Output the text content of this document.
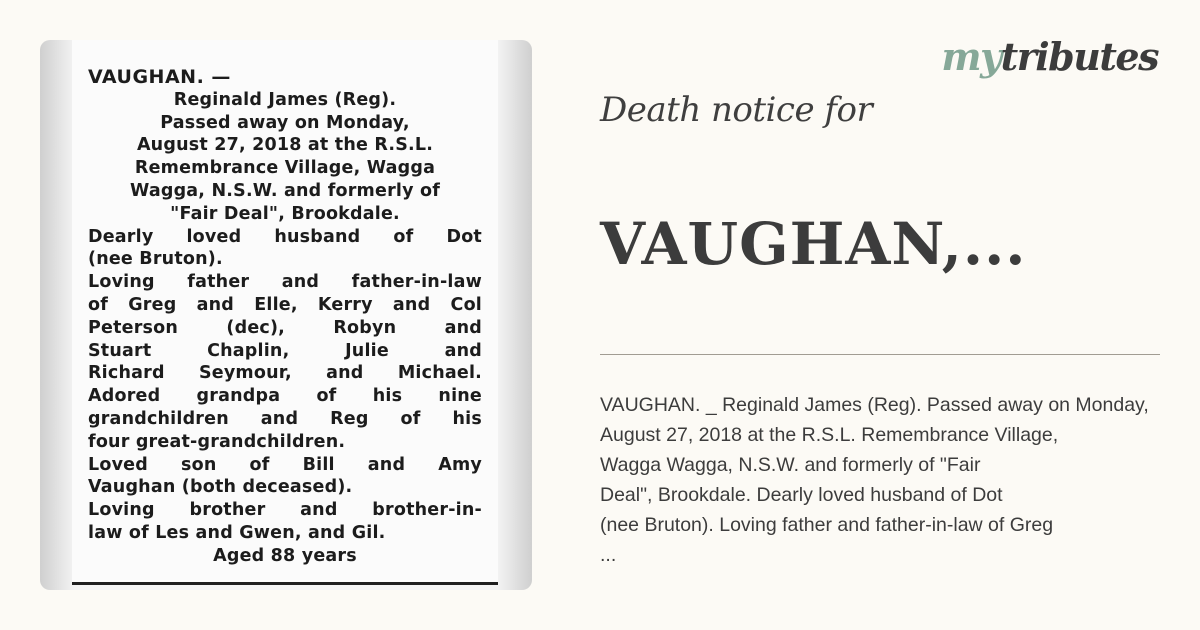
VAUGHAN. —
Reginald James (Reg).
Passed away on Monday,
August 27, 2018 at the R.S.L.
Remembrance Village, Wagga
Wagga, N.S.W. and formerly of
"Fair Deal", Brookdale.
Dearly loved husband of Dot
(nee Bruton).
Loving father and father-in-law
of Greg and Elle, Kerry and Col
Peterson (dec), Robyn and
Stuart Chaplin, Julie and
Richard Seymour, and Michael.
Adored grandpa of his nine
grandchildren and Reg of his
four great-grandchildren.
Loved son of Bill and Amy
Vaughan (both deceased).
Loving brother and brother-in-
law of Les and Gwen, and Gil.
Aged 88 years
mytributes
Death notice for
VAUGHAN,...
VAUGHAN. _ Reginald James (Reg). Passed away on Monday,
August 27, 2018 at the R.S.L. Remembrance Village,
Wagga Wagga, N.S.W. and formerly of "Fair
Deal", Brookdale. Dearly loved husband of Dot
(nee Bruton). Loving father and father-in-law of Greg
...
